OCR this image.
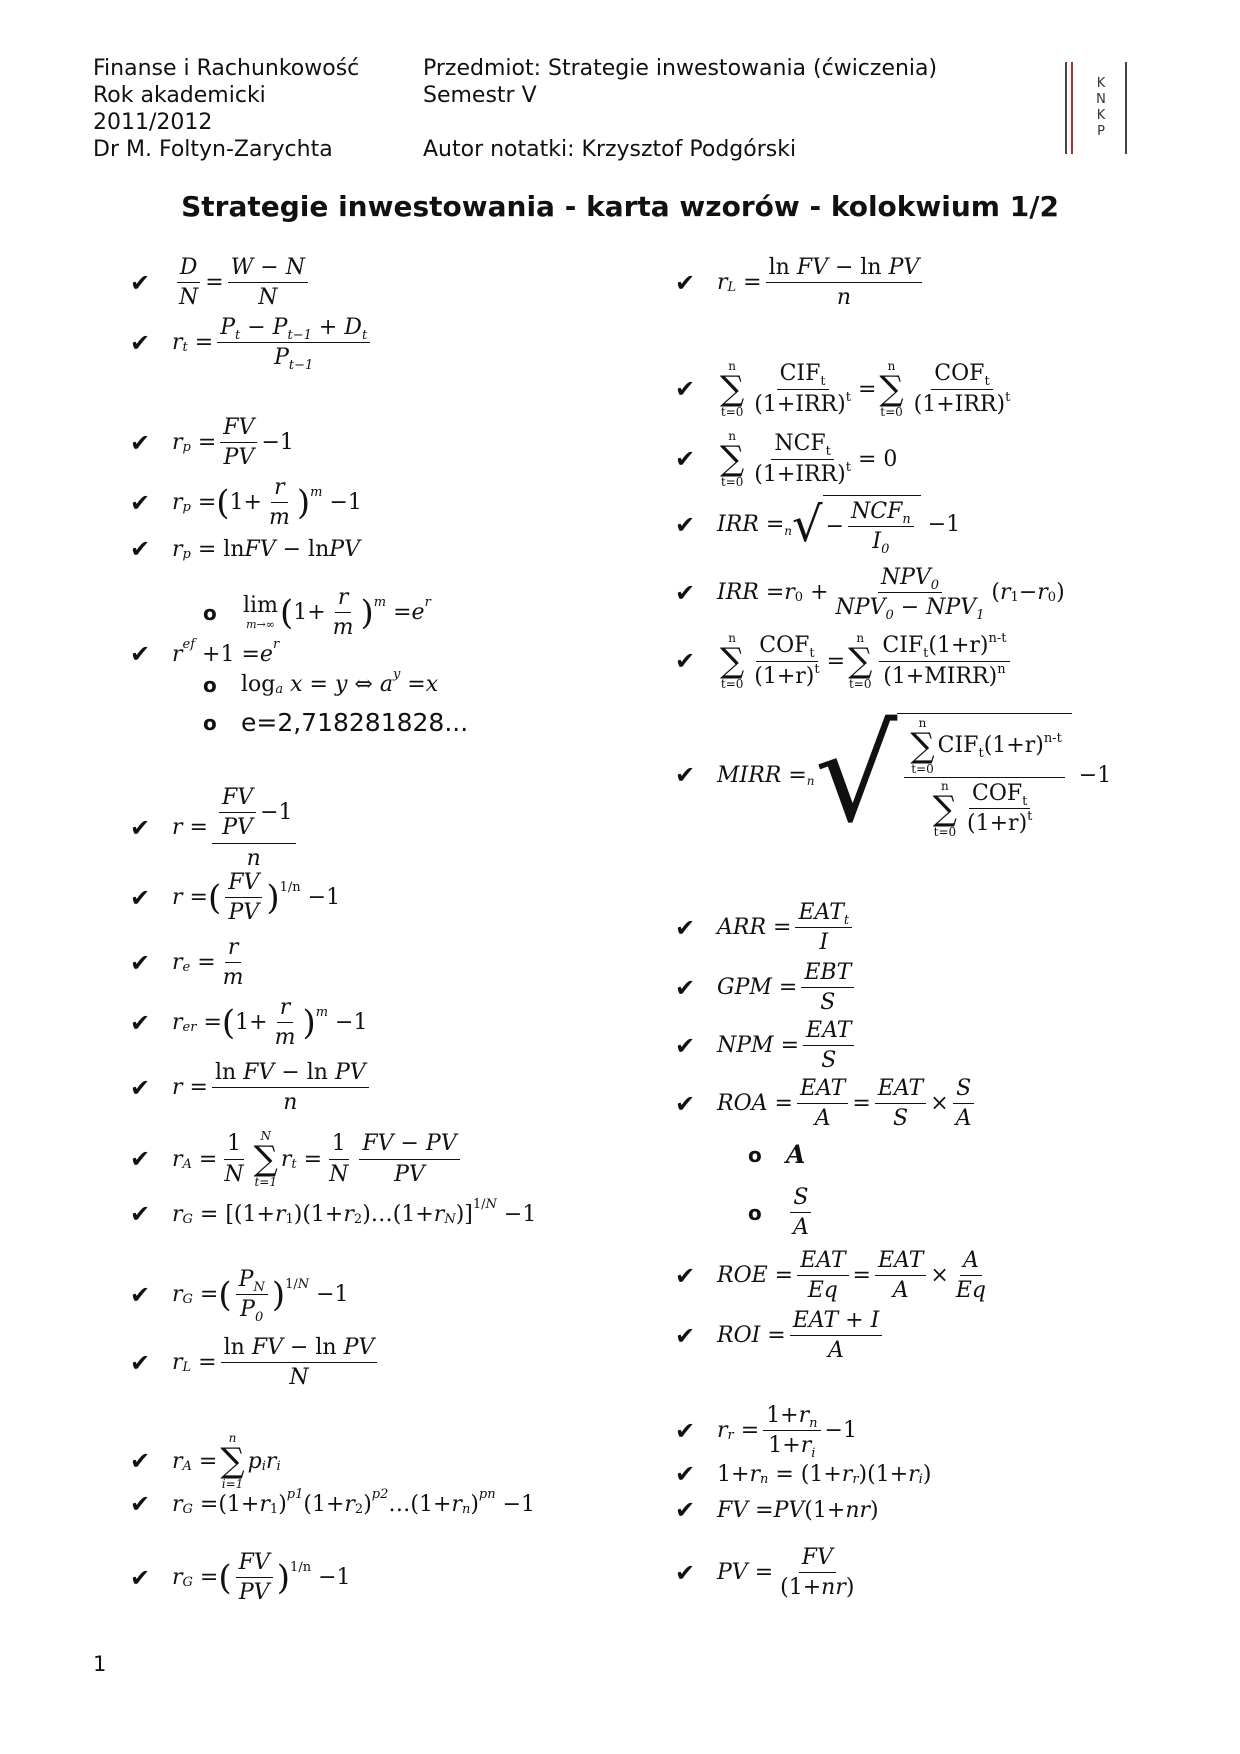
Finanse i Rachunkowość
Rok akademicki
2011/2012
Dr M. Foltyn-Zarychta
Przedmiot: Strategie inwestowania (ćwiczenia)
Semestr V
Autor notatki: Krzysztof Podgórski
K
N
K
P
Strategie inwestowania - karta wzorów - kolokwium 1/2
✔
D
N
=
W − N
N
✔ r t =
$P_t - P_{t-1} + D_t$
$P_{t-1}$
✔ r p =
FV
PV
−1
✔ r p = ( 1+
r
m ) m −1
✔ r p = ln FV − ln PV
o	lim
m→∞ ( 1+
r
m ) m = e r
✔ r ef +1 = e r
o	log a
x = y ⇔ a y = x
o e=2,718281828...
✔ $r = \frac{FV}{PV} -1$
n
✔ r = ( FV
PV ) 1/n −1
✔ r e =
r
m
✔ r er = ( 1+
r
m ) m −1
✔ r =
ln FV − ln PV
n
✔ r A =
1
N
N
∑
t=1
r t =
1
N
FV − PV
PV
✔ r G = [(1+ r 1 )(1+ r 2 )…(1+ r N )] 1/N −1
✔ r G = ( $P_N$
$P_0$
) 1/N −1
✔ r L =
ln FV − ln PV
N
✔ r A =
n
∑
i=1
p i r i
✔ r G =(1+ r 1 ) p1 (1+ r 2 ) p2 …(1+ r n ) pn −1
✔ r G = ( FV
PV ) 1/n −1
✔ r L =
ln FV − ln PV
n
✔
n
∑
t=0
$CIF_t$
$(1+IRR)^t$ =
n
∑
t=0
$COF_t$
$(1+IRR)^t$
✔
n
∑
t=0
$NCF_t$
$(1+IRR)^t = 0$
✔ IRR = n √ −
$NCF_n$
$I_0$
−1
✔ IRR = r 0 +
$NPV_0$
$NPV_0 - NPV_1$
( r 1 − r 0 )
✔
n
∑
t=0
$COF_t$
$(1+r)^t$ =
n
∑
t=0
$CIF_t(1+r)^{n-t}$
(1+MIRR)$^n$
✔ MIRR = n √ n
∑
t=0
$CIF_t(1+r)^{n-t}$
n
∑
t=0
$COF_t$
$(1+r)^t$
−1
✔ ARR =
$EAT_t$
I
✔ GPM =
EBT
S
✔ NPM =
EAT
S
✔ ROA =
EAT
A
=
EAT
S
×
S
A
o A
o
S
A
✔ ROE =
EAT
Eq
=
EAT
A
×
A
Eq
✔ ROI =
EAT + I
A
✔ r r =
$1+r_n$
$1+r_i$
−1
✔ 1+ r n = (1+ r r )(1+ r i )
✔ FV = PV (1+ nr )
✔ PV =
FV
(1+nr)
1
